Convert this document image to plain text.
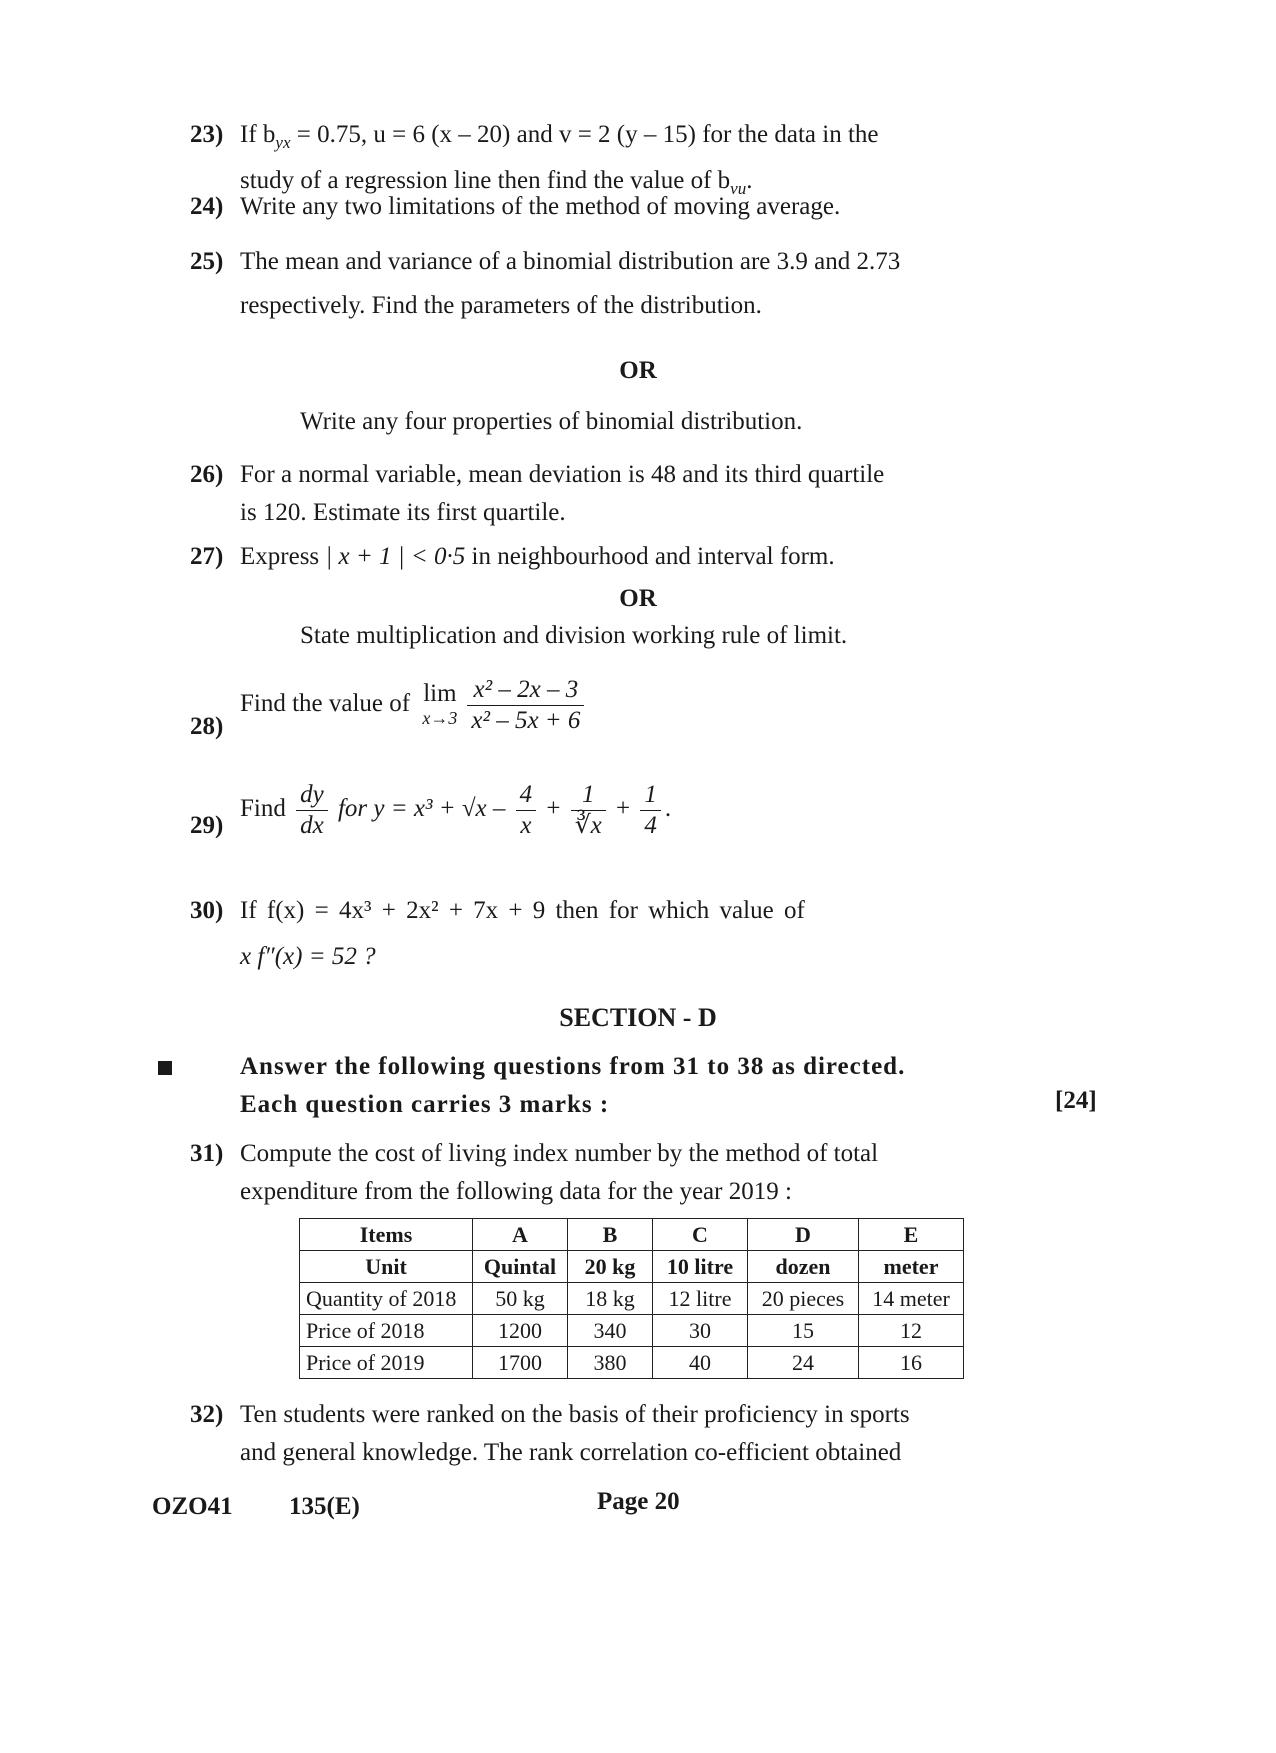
23) If $b_{yx} = 0.75$, u = 6 (x – 20) and v = 2 (y – 15) for the data in the
study of a regression line then find the value of $b_{vu}$.
24) Write any two limitations of the method of moving average.
25) The mean and variance of a binomial distribution are 3.9 and 2.73
respectively. Find the parameters of the distribution.
OR
Write any four properties of binomial distribution.
26) For a normal variable, mean deviation is 48 and its third quartile
is 120. Estimate its first quartile.
27) Express | x + 1 | < 0·5 in neighbourhood and interval form.
OR
State multiplication and division working rule of limit.
28)
Find the value of lim
$x\to 3 \frac{\text{x² – 2x – 3}}{\text{x² – 5x + 6}}$
29)
Find $\frac{dy}{dx}$ for $y = x^3 + √x - \frac{4}{x} + \frac{1}{∛x} + \frac{1}{4}$ .
30) If f(x) = 4x³ + 2x² + 7x + 9 then for which value of
x f″(x) = 52 ?
SECTION - D
Answer the following questions from 31 to 38 as directed.
Each question carries 3 marks :	[24]
31) Compute the cost of living index number by the method of total
expenditure from the following data for the year 2019 :
Items	A	B	C	D	E
Unit	Quintal	20 kg	10 litre	dozen	meter
Quantity of 2018	50 kg	18 kg	12 litre	20 pieces	14 meter
Price of 2018	1200	340	30	15	12
Price of 2019	1700	380	40	24	16
32) Ten students were ranked on the basis of their proficiency in sports
and general knowledge. The rank correlation co-efficient obtained
OZO41 135(E)	Page 20
